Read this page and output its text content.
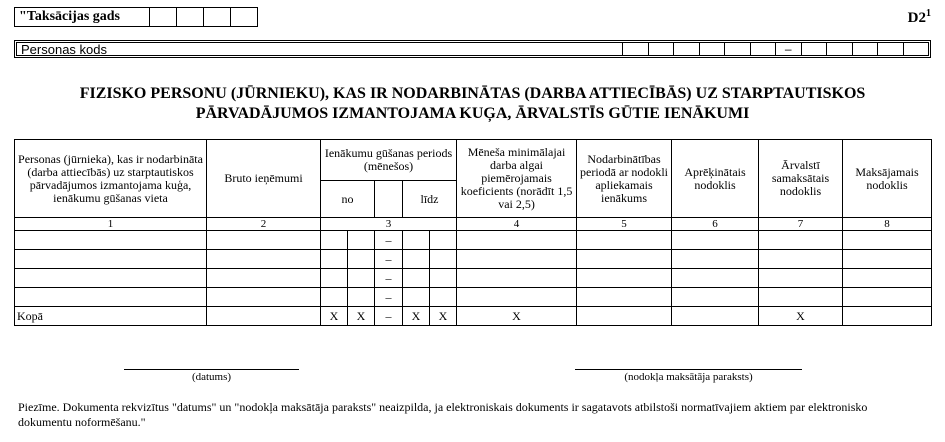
"Taksācijas gads	$D2^1$
Personas kods	–
FIZISKO PERSONU (JŪRNIEKU), KAS IR NODARBINĀTAS (DARBA ATTIECĪBĀS) UZ STARPTAUTISKOS
PĀRVADĀJUMOS IZMANTOJAMA KUĢA, ĀRVALSTĪS GŪTIE IENĀKUMI
Personas (jūrnieka), kas ir nodarbināta (darba attiecībās) uz starptautiskos pārvadājumos izmantojama kuģa, ienākumu gūšanas vieta	Bruto ieņēmumi	Ienākumu gūšanas periods (mēnešos)					Mēneša minimālajai darba algai piemērojamais koeficients (norādīt 1,5 vai 2,5)	Nodarbinātības periodā ar nodokli apliekamais ienākums	Aprēķinātais nodoklis	Ārvalstī samaksātais nodoklis	Maksājamais nodoklis
		no			līdz						
1	2	3					4	5	6	7	8
				–							
				–							
				–							
				–							
Kopā		X	X	–	X	X	X			X	
(datums)	(nodokļa maksātāja paraksts)
Piezīme. Dokumenta rekvizītus "datums" un "nodokļa maksātāja paraksts" neaizpilda, ja elektroniskais dokuments ir sagatavots atbilstoši normatīvajiem aktiem par elektronisko dokumentu noformēšanu."
